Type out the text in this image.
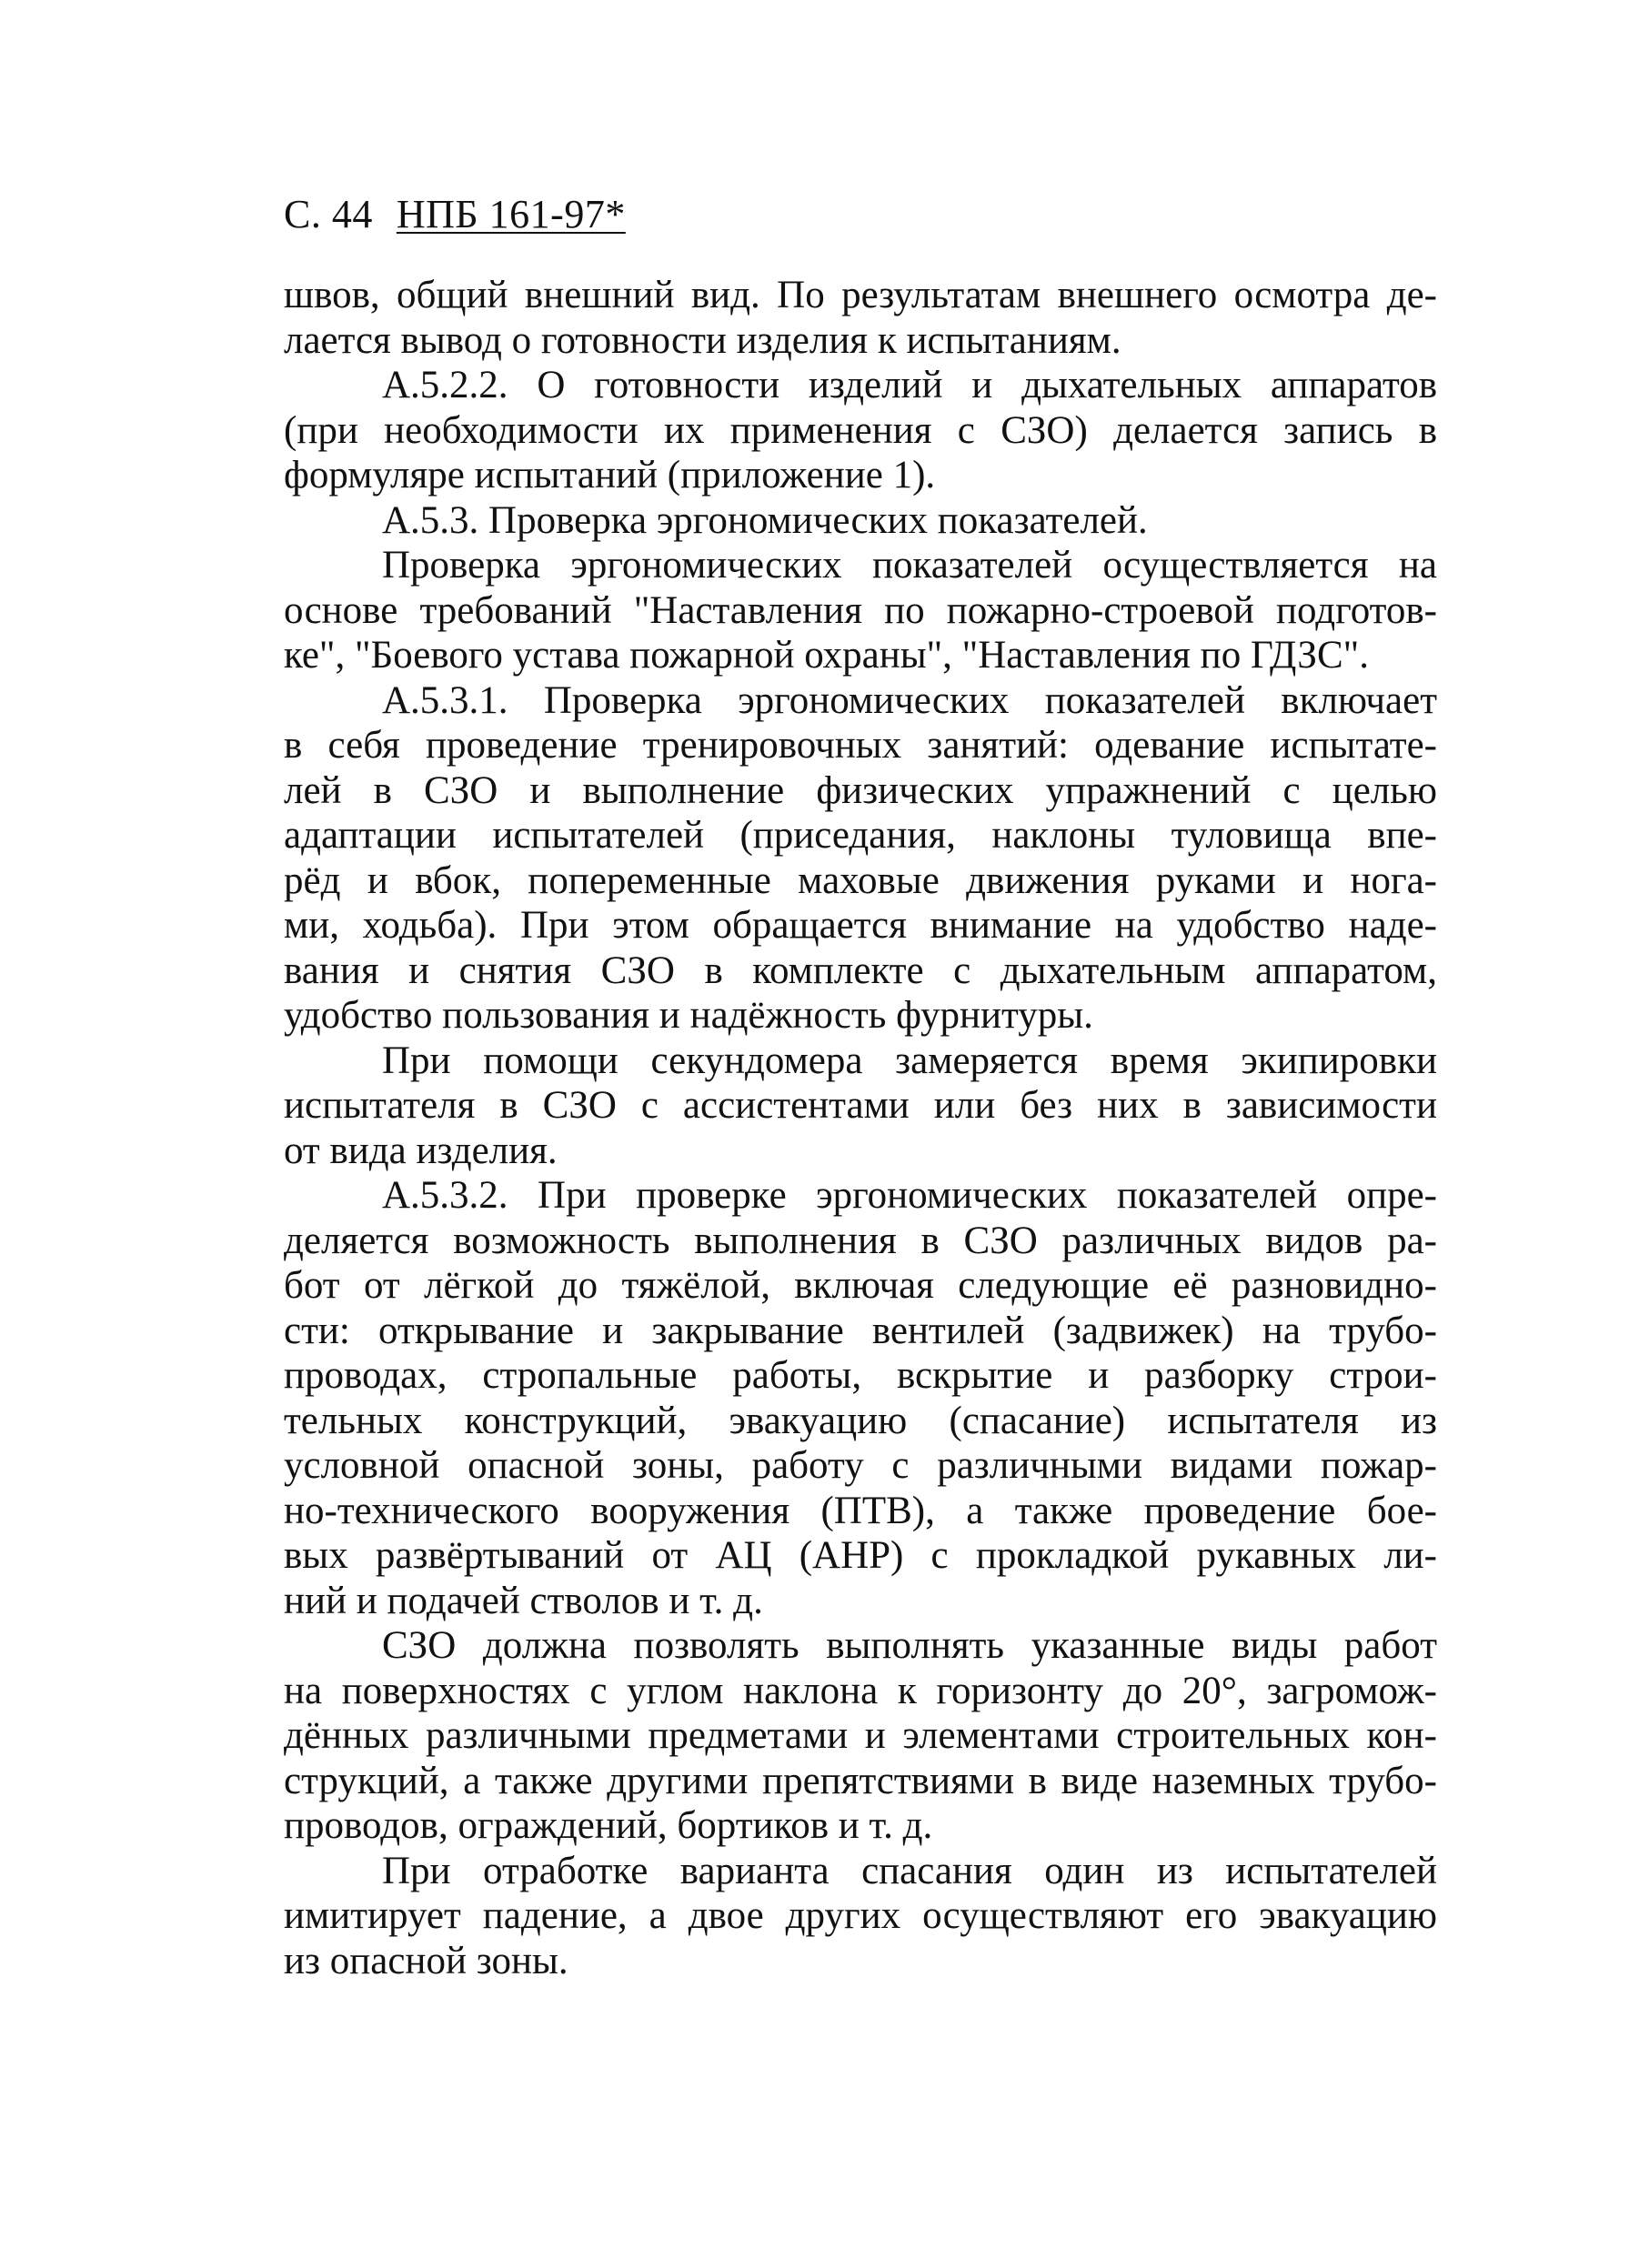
С. 44 НПБ 161-97*
швов, общий внешний вид. По результатам внешнего осмотра де-
лается вывод о готовности изделия к испытаниям.
А.5.2.2. О готовности изделий и дыхательных аппаратов
(при необходимости их применения с СЗО) делается запись в
формуляре испытаний (приложение 1).
А.5.3. Проверка эргономических показателей.
Проверка эргономических показателей осуществляется на
основе требований "Наставления по пожарно-строевой подготов-
ке", "Боевого устава пожарной охраны", "Наставления по ГДЗС".
А.5.3.1. Проверка эргономических показателей включает
в себя проведение тренировочных занятий: одевание испытате-
лей в СЗО и выполнение физических упражнений с целью
адаптации испытателей (приседания, наклоны туловища впе-
рёд и вбок, попеременные маховые движения руками и нога-
ми, ходьба). При этом обращается внимание на удобство наде-
вания и снятия СЗО в комплекте с дыхательным аппаратом,
удобство пользования и надёжность фурнитуры.
При помощи секундомера замеряется время экипировки
испытателя в СЗО с ассистентами или без них в зависимости
от вида изделия.
А.5.3.2. При проверке эргономических показателей опре-
деляется возможность выполнения в СЗО различных видов ра-
бот от лёгкой до тяжёлой, включая следующие её разновидно-
сти: открывание и закрывание вентилей (задвижек) на трубо-
проводах, стропальные работы, вскрытие и разборку строи-
тельных конструкций, эвакуацию (спасание) испытателя из
условной опасной зоны, работу с различными видами пожар-
но-технического вооружения (ПТВ), а также проведение бое-
вых развёртываний от АЦ (АНР) с прокладкой рукавных ли-
ний и подачей стволов и т. д.
СЗО должна позволять выполнять указанные виды работ
на поверхностях с углом наклона к горизонту до 20°, загромож-
дённых различными предметами и элементами строительных кон-
струкций, а также другими препятствиями в виде наземных трубо-
проводов, ограждений, бортиков и т. д.
При отработке варианта спасания один из испытателей
имитирует падение, а двое других осуществляют его эвакуацию
из опасной зоны.
